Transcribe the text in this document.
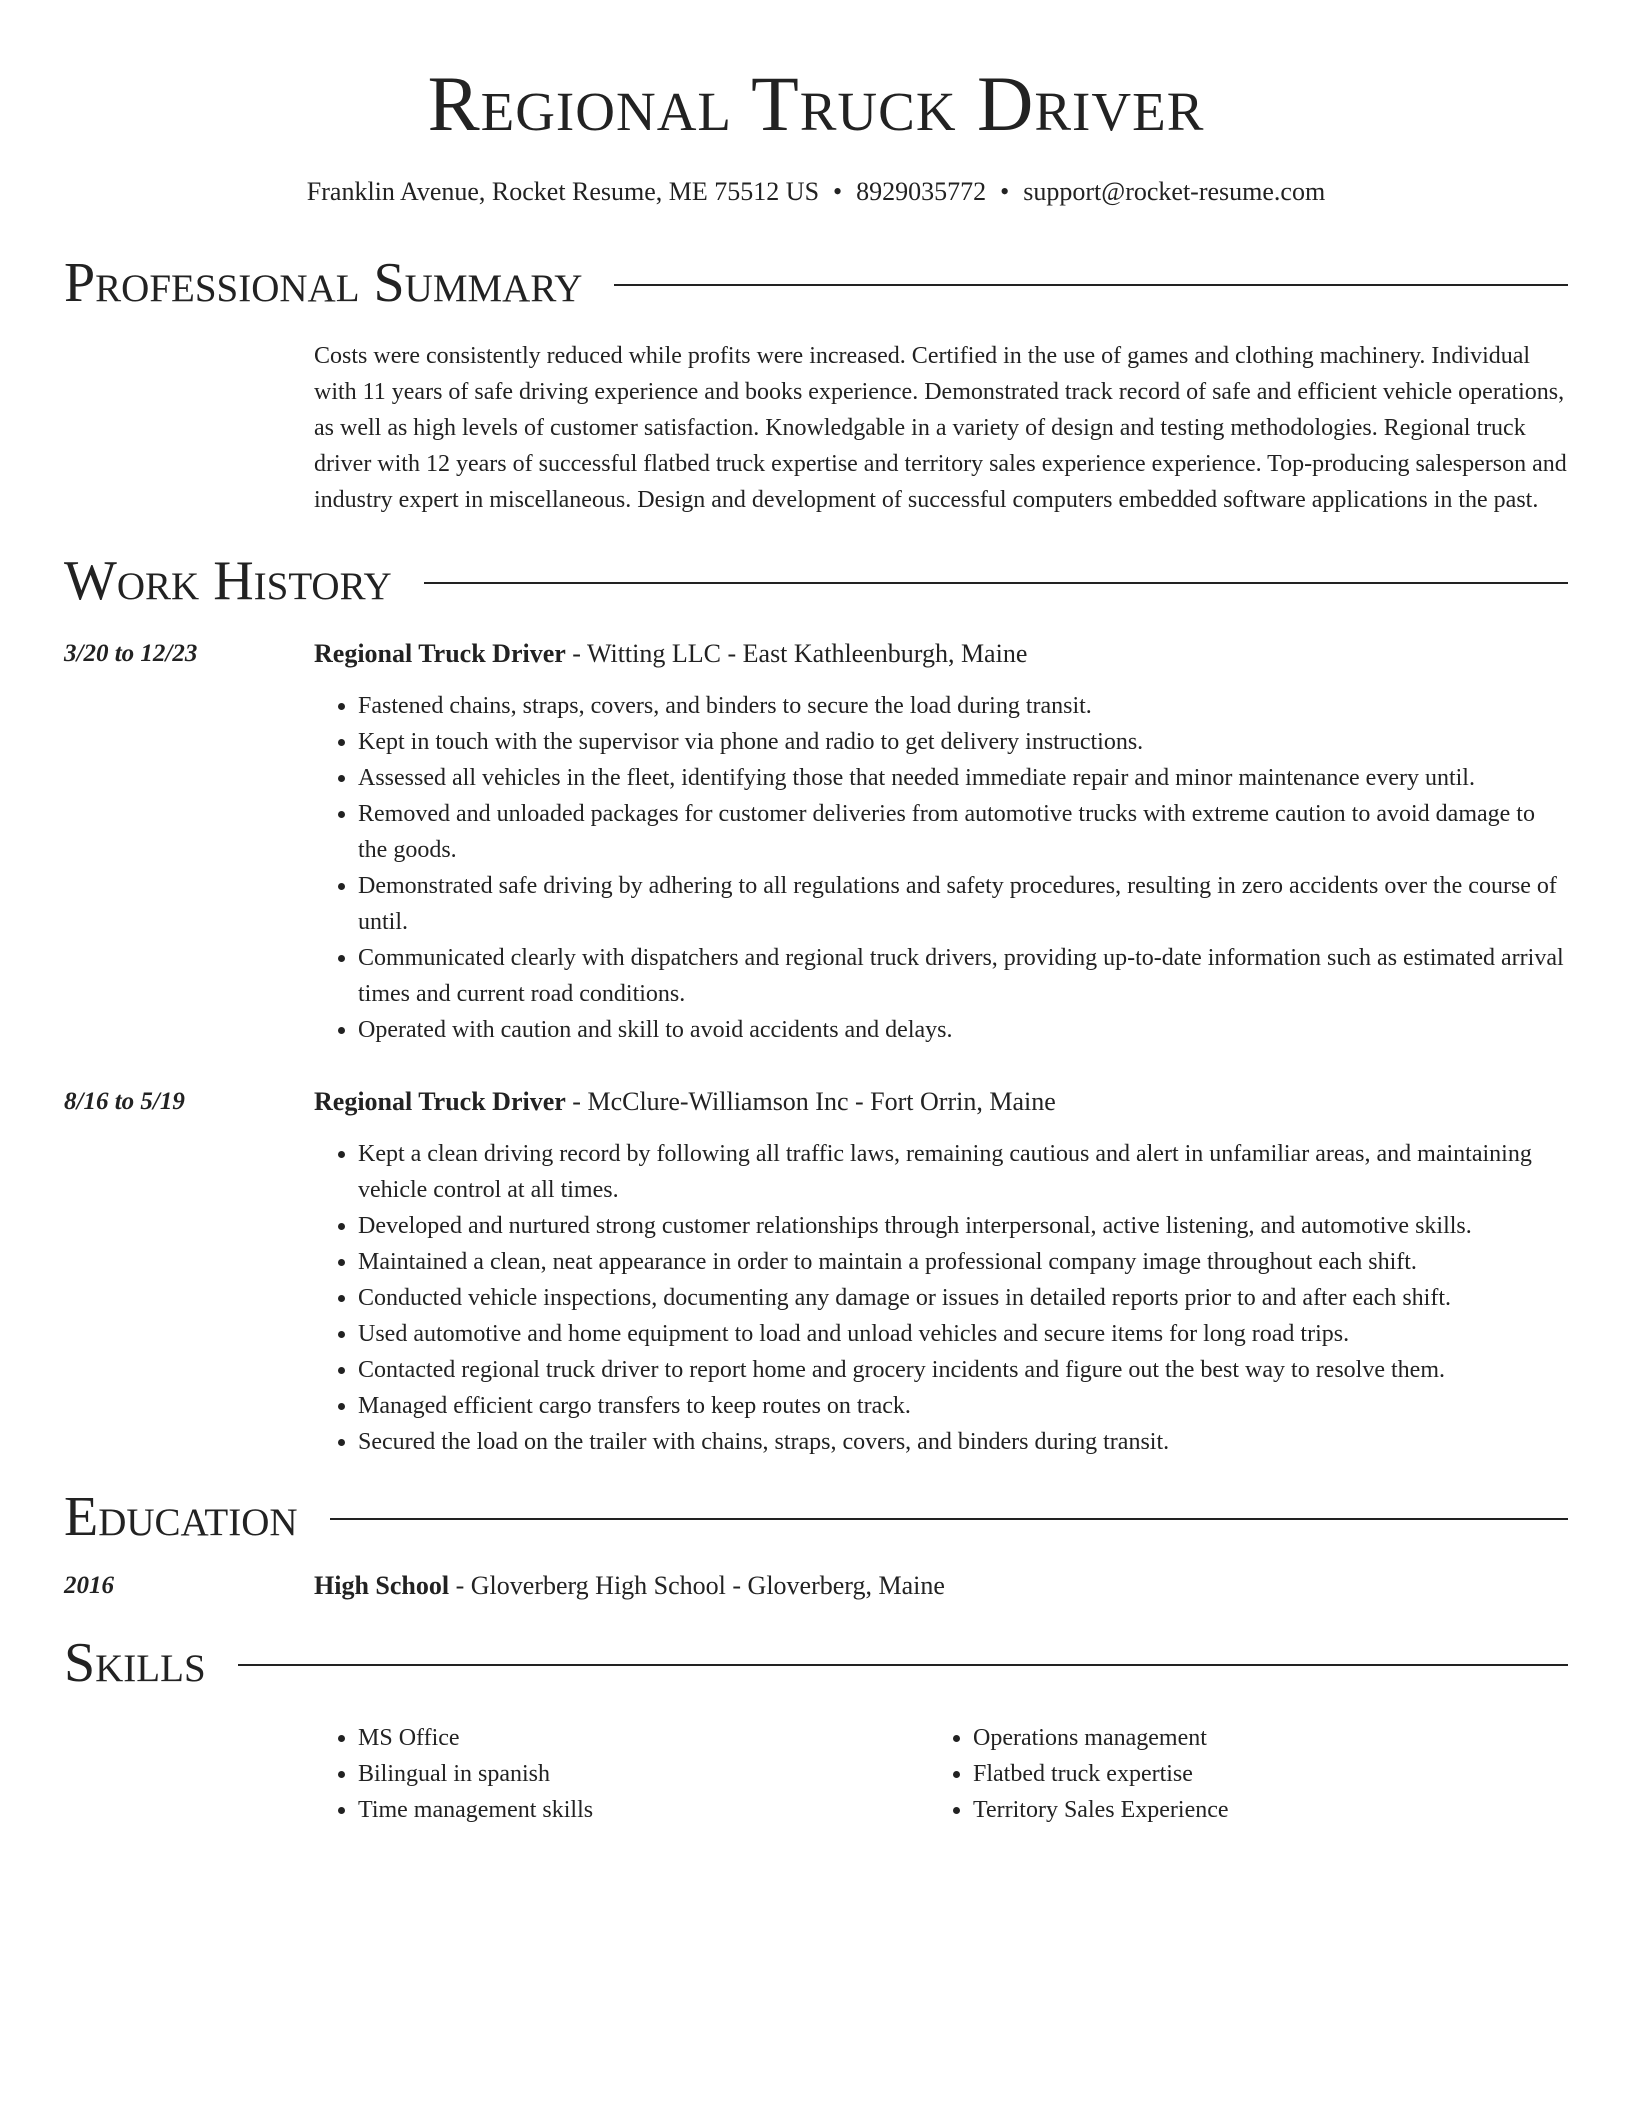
Regional Truck Driver
Franklin Avenue, Rocket Resume, ME 75512 US • 8929035772 • support@rocket-resume.com
Professional Summary
Costs were consistently reduced while profits were increased. Certified in the use of games and clothing machinery. Individual with 11 years of safe driving experience and books experience. Demonstrated track record of safe and efficient vehicle operations, as well as high levels of customer satisfaction. Knowledgable in a variety of design and testing methodologies. Regional truck driver with 12 years of successful flatbed truck expertise and territory sales experience experience. Top-producing salesperson and industry expert in miscellaneous. Design and development of successful computers embedded software applications in the past.
Work History
3/20 to 12/23	Regional Truck Driver - Witting LLC - East Kathleenburgh, Maine
• Fastened chains, straps, covers, and binders to secure the load during transit.
• Kept in touch with the supervisor via phone and radio to get delivery instructions.
• Assessed all vehicles in the fleet, identifying those that needed immediate repair and minor maintenance every until.
• Removed and unloaded packages for customer deliveries from automotive trucks with extreme caution to avoid damage to the goods.
• Demonstrated safe driving by adhering to all regulations and safety procedures, resulting in zero accidents over the course of until.
• Communicated clearly with dispatchers and regional truck drivers, providing up-to-date information such as estimated arrival times and current road conditions.
• Operated with caution and skill to avoid accidents and delays.
8/16 to 5/19	Regional Truck Driver - McClure-Williamson Inc - Fort Orrin, Maine
• Kept a clean driving record by following all traffic laws, remaining cautious and alert in unfamiliar areas, and maintaining vehicle control at all times.
• Developed and nurtured strong customer relationships through interpersonal, active listening, and automotive skills.
• Maintained a clean, neat appearance in order to maintain a professional company image throughout each shift.
• Conducted vehicle inspections, documenting any damage or issues in detailed reports prior to and after each shift.
• Used automotive and home equipment to load and unload vehicles and secure items for long road trips.
• Contacted regional truck driver to report home and grocery incidents and figure out the best way to resolve them.
• Managed efficient cargo transfers to keep routes on track.
• Secured the load on the trailer with chains, straps, covers, and binders during transit.
Education
2016	High School - Gloverberg High School - Gloverberg, Maine
Skills
• MS Office
• Bilingual in spanish
• Time management skills
• Operations management
• Flatbed truck expertise
• Territory Sales Experience
